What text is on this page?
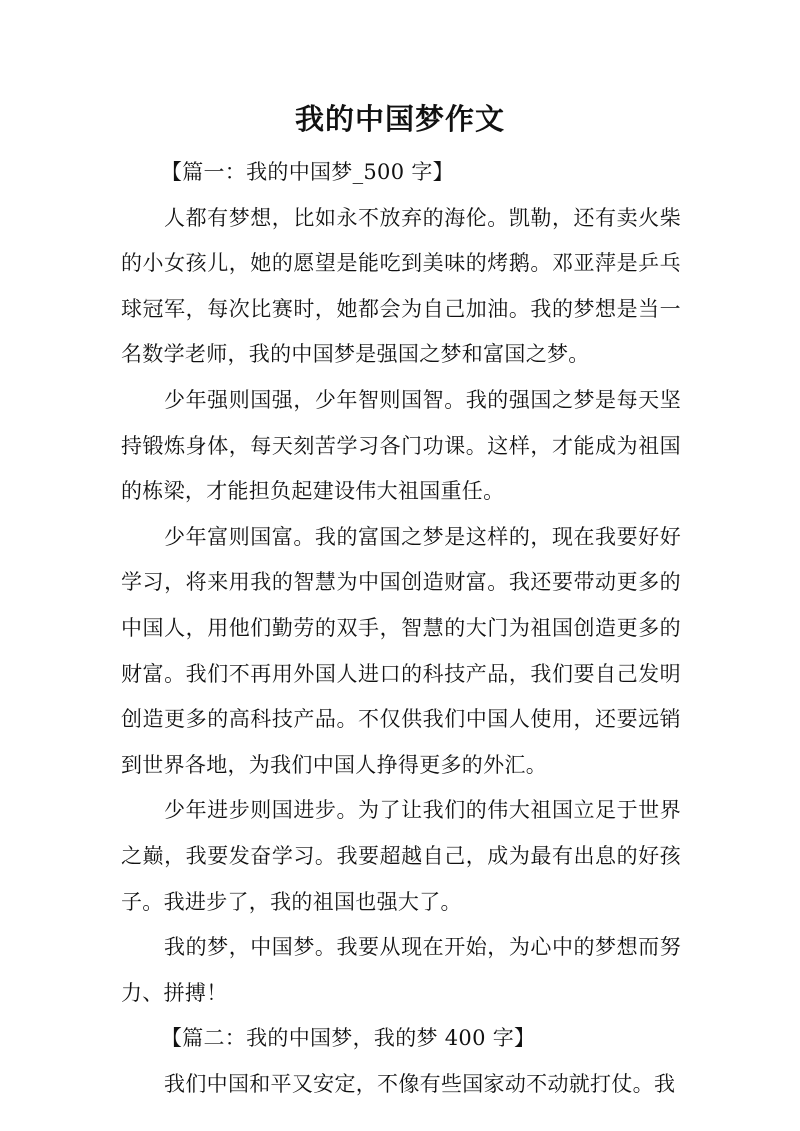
我的中国梦作文

【篇一：我的中国梦_500 字】

人都有梦想，比如永不放弃的海伦。凯勒，还有卖火柴的小女孩儿，她的愿望是能吃到美味的烤鹅。邓亚萍是乒乓球冠军，每次比赛时，她都会为自己加油。我的梦想是当一名数学老师，我的中国梦是强国之梦和富国之梦。

少年强则国强，少年智则国智。我的强国之梦是每天坚持锻炼身体，每天刻苦学习各门功课。这样，才能成为祖国的栋梁，才能担负起建设伟大祖国重任。

少年富则国富。我的富国之梦是这样的，现在我要好好学习，将来用我的智慧为中国创造财富。我还要带动更多的中国人，用他们勤劳的双手，智慧的大门为祖国创造更多的财富。我们不再用外国人进口的科技产品，我们要自己发明创造更多的高科技产品。不仅供我们中国人使用，还要远销到世界各地，为我们中国人挣得更多的外汇。

少年进步则国进步。为了让我们的伟大祖国立足于世界之巅，我要发奋学习。我要超越自己，成为最有出息的好孩子。我进步了，我的祖国也强大了。

我的梦，中国梦。我要从现在开始，为心中的梦想而努力、拼搏！

【篇二：我的中国梦，我的梦 400 字】

我们中国和平又安定，不像有些国家动不动就打仗。我
